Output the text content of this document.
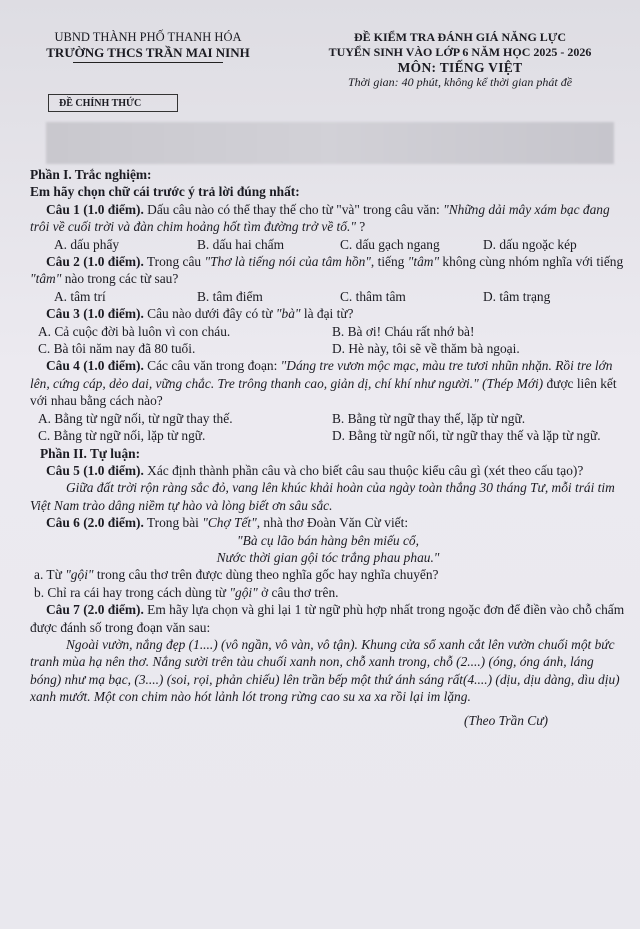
UBND THÀNH PHỐ THANH HÓA
TRƯỜNG THCS TRẦN MAI NINH
ĐỀ KIỂM TRA ĐÁNH GIÁ NĂNG LỰC
TUYỂN SINH VÀO LỚP 6 NĂM HỌC 2025 - 2026
MÔN: TIẾNG VIỆT
Thời gian: 40 phút, không kể thời gian phát đề
ĐỀ CHÍNH THỨC

Phần I. Trắc nghiệm:

Em hãy chọn chữ cái trước ý trả lời đúng nhất:

Câu 1 (1.0 điểm). Dấu câu nào có thể thay thế cho từ "và" trong câu văn: "Những dải mây xám bạc đang trôi về cuối trời và đàn chim hoảng hốt tìm đường trở về tổ." ?

A. dấu phẩy	B. dấu hai chấm	C. dấu gạch ngang	D. dấu ngoặc kép

Câu 2 (1.0 điểm). Trong câu "Thơ là tiếng nói của tâm hồn", tiếng "tâm" không cùng nhóm nghĩa với tiếng "tâm" nào trong các từ sau?

A. tâm trí	B. tâm điểm	C. thâm tâm	D. tâm trạng

Câu 3 (1.0 điểm). Câu nào dưới đây có từ "bà" là đại từ?

A. Cả cuộc đời bà luôn vì con cháu.	B. Bà ơi! Cháu rất nhớ bà!
C. Bà tôi năm nay đã 80 tuổi.	D. Hè này, tôi sẽ về thăm bà ngoại.

Câu 4 (1.0 điểm). Các câu văn trong đoạn: "Dáng tre vươn mộc mạc, màu tre tươi nhũn nhặn. Rồi tre lớn lên, cứng cáp, dẻo dai, vững chắc. Tre trông thanh cao, giản dị, chí khí như người." (Thép Mới) được liên kết với nhau bằng cách nào?

A. Bằng từ ngữ nối, từ ngữ thay thế.	B. Bằng từ ngữ thay thế, lặp từ ngữ.
C. Bằng từ ngữ nối, lặp từ ngữ.	D. Bằng từ ngữ nối, từ ngữ thay thế và lặp từ ngữ.

Phần II. Tự luận:

Câu 5 (1.0 điểm). Xác định thành phần câu và cho biết câu sau thuộc kiểu câu gì (xét theo cấu tạo)?

Giữa đất trời rộn ràng sắc đỏ, vang lên khúc khải hoàn của ngày toàn thắng 30 tháng Tư, mỗi trái tim Việt Nam trào dâng niềm tự hào và lòng biết ơn sâu sắc.

Câu 6 (2.0 điểm). Trong bài "Chợ Tết", nhà thơ Đoàn Văn Cừ viết:

"Bà cụ lão bán hàng bên miếu cổ,

Nước thời gian gội tóc trắng phau phau."

a. Từ "gội" trong câu thơ trên được dùng theo nghĩa gốc hay nghĩa chuyển?

b. Chỉ ra cái hay trong cách dùng từ "gội" ở câu thơ trên.

Câu 7 (2.0 điểm). Em hãy lựa chọn và ghi lại 1 từ ngữ phù hợp nhất trong ngoặc đơn để điền vào chỗ chấm được đánh số trong đoạn văn sau:

Ngoài vườn, nắng đẹp (1....) (vô ngần, vô vàn, vô tận). Khung cửa sổ xanh cắt lên vườn chuối một bức tranh mùa hạ nên thơ. Nắng sười trên tàu chuối xanh non, chỗ xanh trong, chỗ (2....) (óng, óng ánh, láng bóng) như mạ bạc, (3....) (soi, rọi, phản chiếu) lên trần bếp một thứ ánh sáng rất(4....) (dịu, dịu dàng, dìu dịu) xanh mướt. Một con chim nào hót lảnh lót trong rừng cao su xa xa rồi lại im lặng.

(Theo Trần Cư)
